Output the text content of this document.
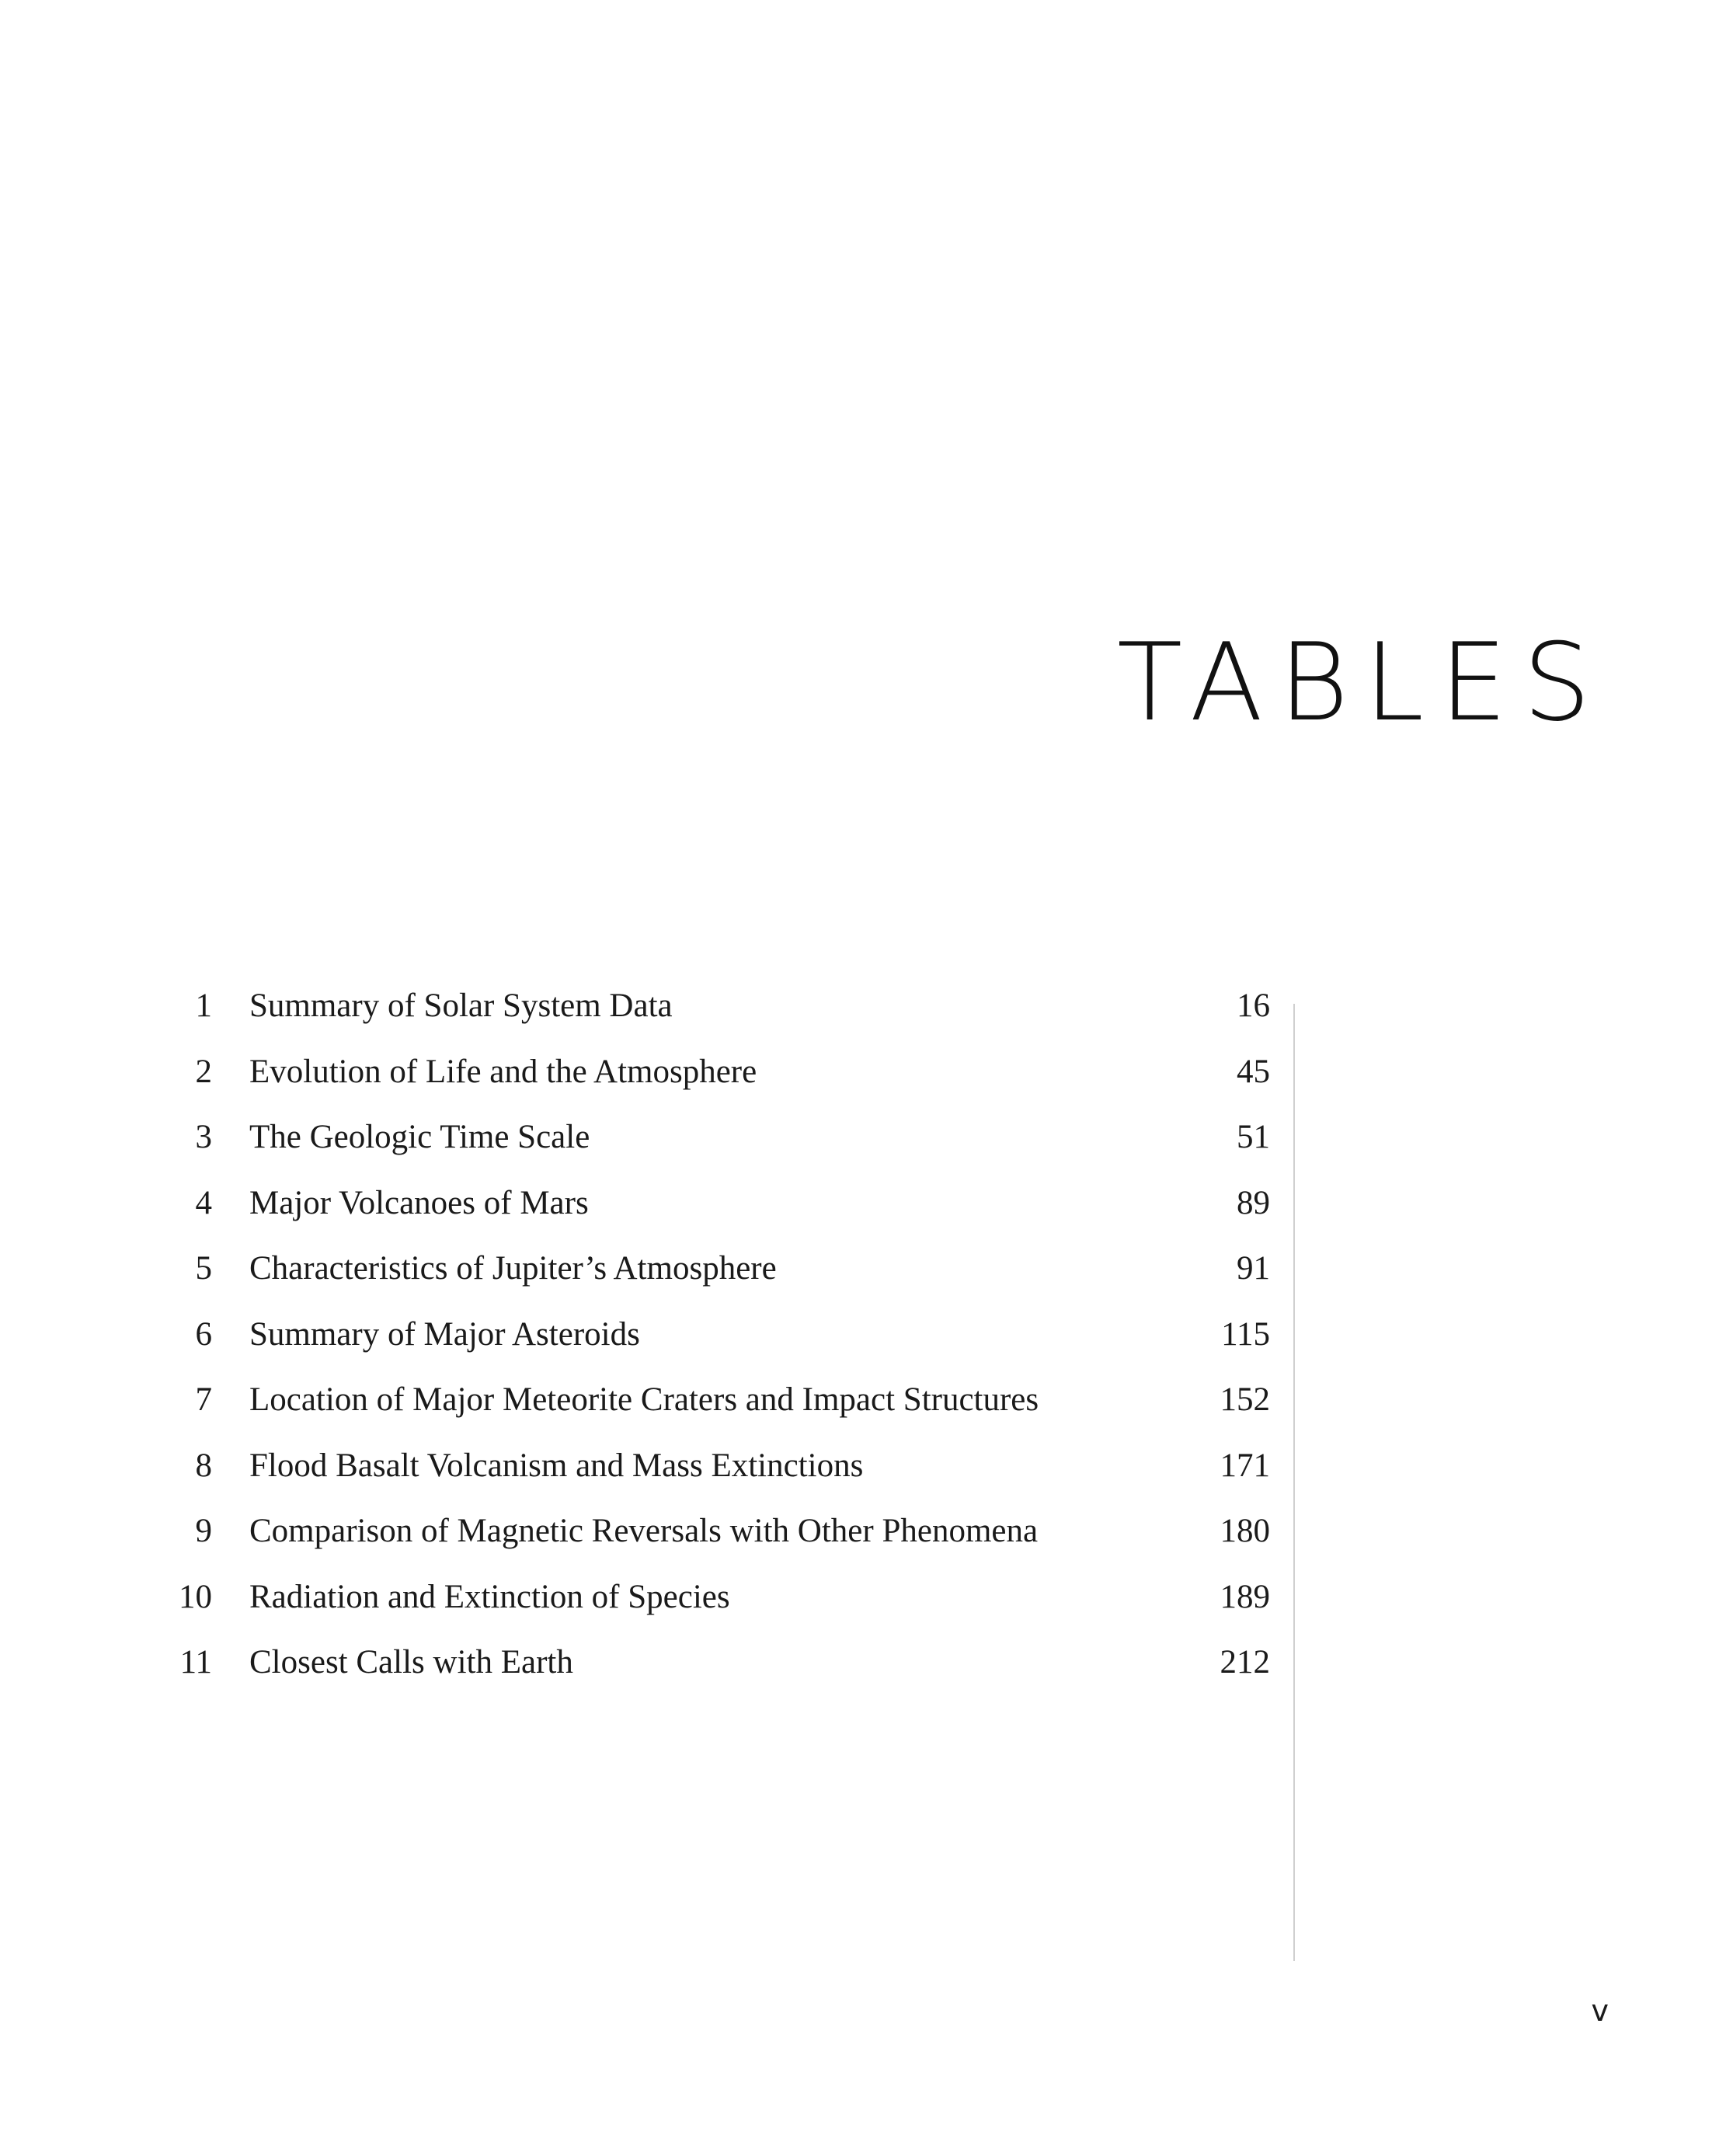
TABLES
1 Summary of Solar System Data	16
2 Evolution of Life and the Atmosphere	45
3 The Geologic Time Scale	51
4 Major Volcanoes of Mars	89
5 Characteristics of Jupiter’s Atmosphere	91
6 Summary of Major Asteroids	115
7 Location of Major Meteorite Craters and Impact Structures	152
8 Flood Basalt Volcanism and Mass Extinctions	171
9 Comparison of Magnetic Reversals with Other Phenomena	180
10 Radiation and Extinction of Species	189
11 Closest Calls with Earth	212

v
